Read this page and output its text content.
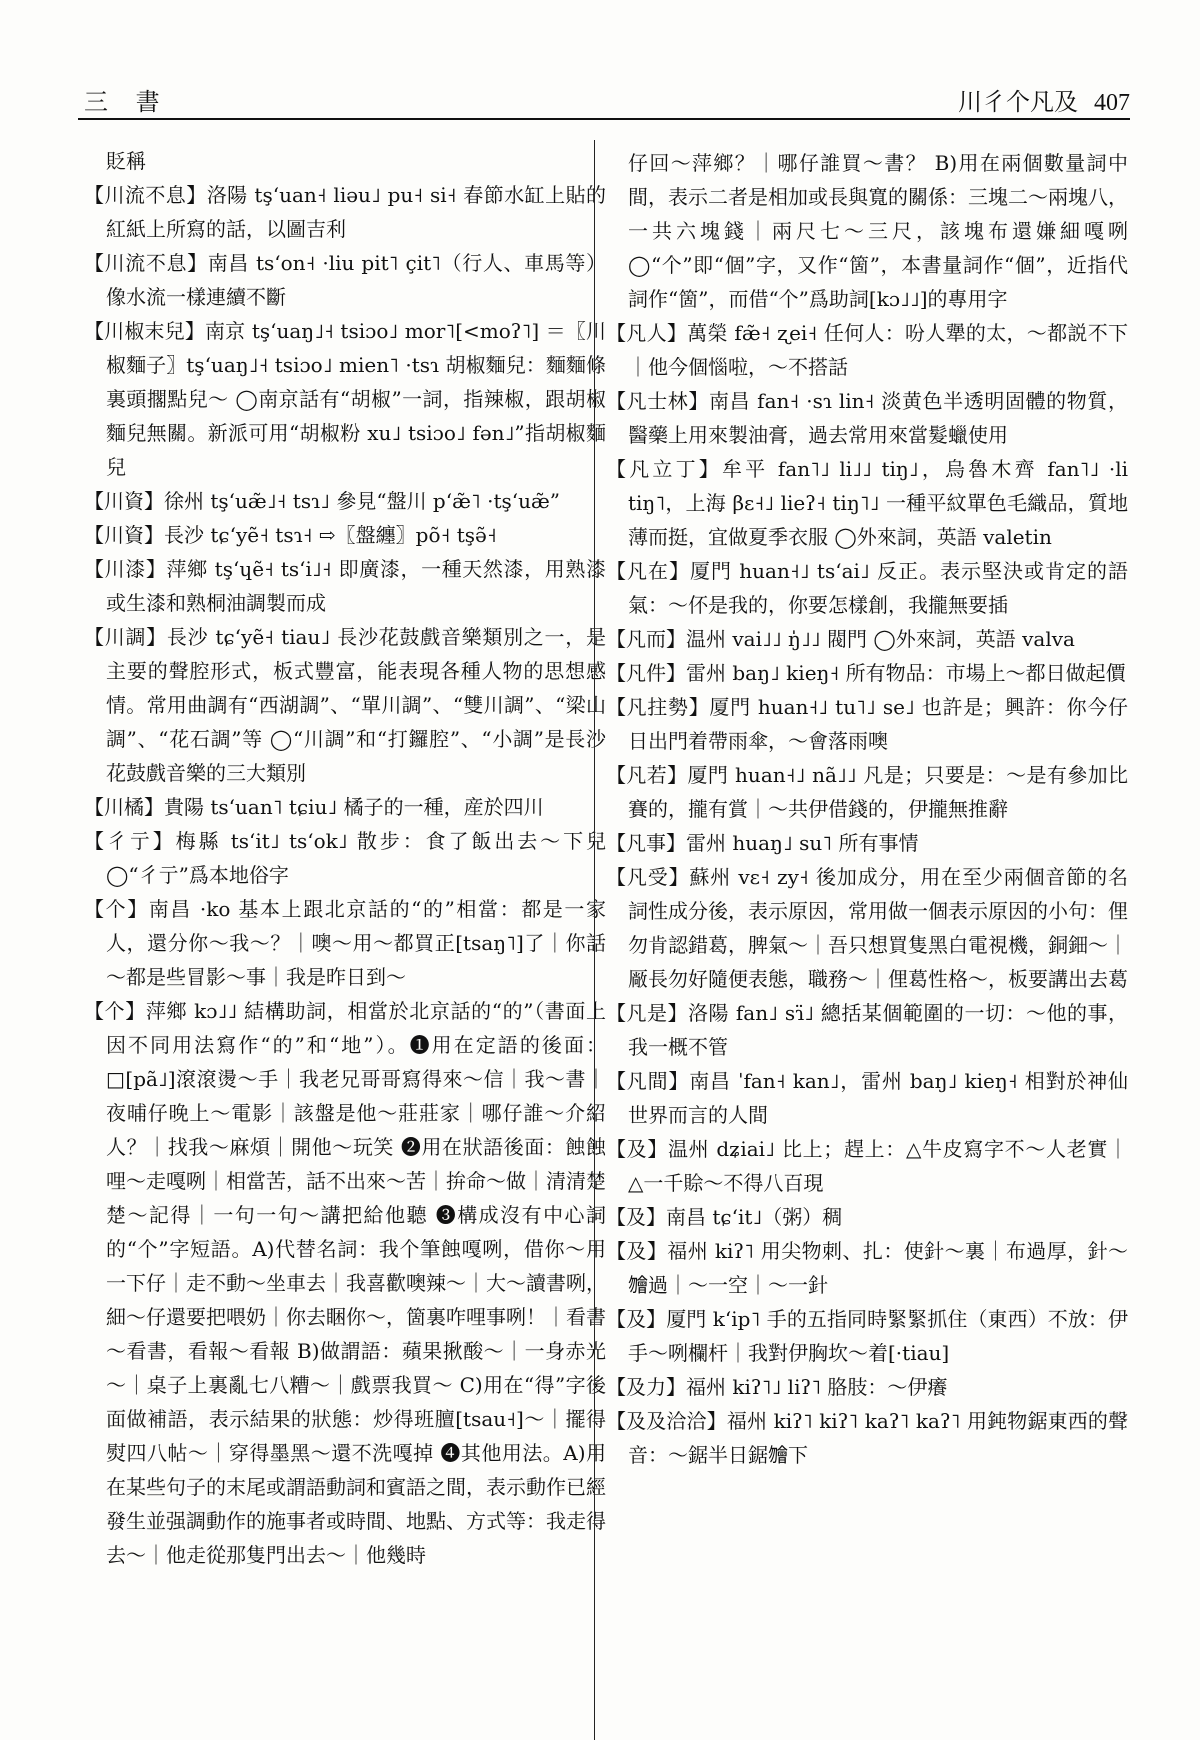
三 書	川彳个凡及 407

貶稱

【川流不息】洛陽 tşʻuan˧ liəu˩ pu˧ si˧ 春節水缸上貼的紅紙上所寫的話，以圖吉利

【川流不息】南昌 tsʻon˧ ·liu pit˥ çit˥（行人、車馬等）像水流一樣連續不斷

【川椒末兒】南京 tşʻuaŋ˩˧ tsiɔo˩ mor˥[<moʔ˥] ＝〖川椒麵子〗tşʻuaŋ˩˧ tsiɔo˩ mien˥ ·tsɿ 胡椒麵兒：麵麵條裏頭擱點兒～ ◯南京話有“胡椒”一詞，指辣椒，跟胡椒麵兒無關。新派可用“胡椒粉 xu˩ tsiɔo˩ fən˩”指胡椒麵兒

【川資】徐州 tşʻuæ̃˩˧ tsɿ˩ 參見“盤川 pʻæ̃˥ ·tşʻuæ̃”

【川資】長沙 tɕʻyẽ˧ tsɿ˧ ⇨〖盤纏〗põ˧ tşə̃˧

【川漆】萍鄉 tşʻɥẽ˧ tsʻi˩˧ 即廣漆，一種天然漆，用熟漆或生漆和熟桐油調製而成

【川調】長沙 tɕʻyẽ˧ tiau˩ 長沙花鼓戲音樂類別之一，是主要的聲腔形式，板式豐富，能表現各種人物的思想感情。常用曲調有“西湖調”、“單川調”、“雙川調”、“梁山調”、“花石調”等 ◯“川調”和“打鑼腔”、“小調”是長沙花鼓戲音樂的三大類別

【川橘】貴陽 tsʻuan˥ tɕiu˩ 橘子的一種，産於四川

【彳亍】梅縣 tsʻit˩ tsʻok˩ 散步：食了飯出去～下兒 ◯“彳亍”爲本地俗字

【个】南昌 ·ko 基本上跟北京話的“的”相當：都是一家人，還分你～我～？｜噢～用～都買正[tsaŋ˥]了｜你話～都是些冒影～事｜我是昨日到～

【个】萍鄉 kɔ˩˩ 結構助詞，相當於北京話的“的”（書面上因不同用法寫作“的”和“地”）。❶用在定語的後面：□[pã˩]滾滾燙～手｜我老兄哥哥寫得來～信｜我～書｜夜晡仔晚上～電影｜該盤是他～莊莊家｜哪仔誰～介紹人？｜找我～麻煩｜開他～玩笑 ❷用在狀語後面：蝕蝕哩～走嘎咧｜相當苦，話不出來～苦｜拚命～做｜清清楚楚～記得｜一句一句～講把給他聽 ❸構成沒有中心詞的“个”字短語。A)代替名詞：我个筆蝕嘎咧，借你～用一下仔｜走不動～坐車去｜我喜歡噢辣～｜大～讀書咧，細～仔還要把喂奶｜你去睏你～，箇裏咋哩事咧！｜看書～看書，看報～看報 B)做謂語：蘋果揪酸～｜一身赤光～｜桌子上裏亂七八糟～｜戲票我買～ C)用在“得”字後面做補語，表示結果的狀態：炒得班膻[tsau˧]～｜擺得熨四八帖～｜穿得墨黑～還不洗嘎掉 ❹其他用法。A)用在某些句子的末尾或謂語動詞和賓語之間，表示動作已經發生並强調動作的施事者或時間、地點、方式等：我走得去～｜他走從那隻門出去～｜他幾時

仔回～萍鄉？｜哪仔誰買～書？ B)用在兩個數量詞中間，表示二者是相加或長與寬的關係：三塊二～兩塊八，一共六塊錢｜兩尺七～三尺，該塊布還嫌細嘎咧 ◯“个”即“個”字，又作“箇”，本書量詞作“個”，近指代詞作“箇”，而借“个”爲助詞[kɔ˩˩]的專用字

【凡人】萬榮 fæ̃˧ ʐei˧ 任何人：吩人犟的太，～都説不下｜他今個惱啦，～不搭話

【凡士林】南昌 fan˧ ·sɿ lin˧ 淡黄色半透明固體的物質，醫藥上用來製油膏，過去常用來當髮蠟使用

【凡立丁】牟平 fan˥˩ li˩˩ tiŋ˩，烏魯木齊 fan˥˩ ·li tiŋ˥，上海 βɛ˧˩ lieʔ˧ tiŋ˥˩ 一種平紋單色毛織品，質地薄而挺，宜做夏季衣服 ◯外來詞，英語 valetin

【凡在】厦門 huan˧˩ tsʻai˩ 反正。表示堅決或肯定的語氣：～伓是我的，你要怎樣創，我攏無要插

【凡而】温州 vai˩˩ ŋ̍˩˩ 閥門 ◯外來詞，英語 valva

【凡件】雷州 baŋ˩ kieŋ˧ 所有物品：市場上～都日做起價

【凡拄勢】厦門 huan˧˩ tu˥˩ se˩ 也許是；興許：你今仔日出門着帶雨傘，～會落雨噢

【凡若】厦門 huan˧˩ nã˩˩ 凡是；只要是：～是有參加比賽的，攏有賞｜～共伊借錢的，伊攏無推辭

【凡事】雷州 huaŋ˩ su˥ 所有事情

【凡受】蘇州 vɛ˧ zy˧ 後加成分，用在至少兩個音節的名詞性成分後，表示原因，常用做一個表示原因的小句：俚勿肯認錯葛，脾氣～｜吾只想買隻黑白電視機，銅鈿～｜厰長勿好隨便表態，職務～｜俚葛性格～，板要講出去葛

【凡是】洛陽 fan˩ sɿ̈˩ 總括某個範圍的一切：～他的事，我一概不管

【凡間】南昌 ˈfan˧ kan˩，雷州 baŋ˩ kieŋ˧ 相對於神仙世界而言的人間

【及】温州 dʑiai˩ 比上；趕上：△牛皮寫字不～人老實｜△一千賒～不得八百現

【及】南昌 tɕʻit˩（粥）稠

【及】福州 kiʔ˥ 用尖物刺、扎：使針～裏｜布過厚，針～𣍐過｜～一空｜～一針

【及】厦門 kʻip˥ 手的五指同時緊緊抓住（東西）不放：伊手～咧欄杆｜我對伊胸坎～着[·tiau]

【及力】福州 kiʔ˥˩ liʔ˥ 胳肢：～伊癢

【及及洽洽】福州 kiʔ˥ kiʔ˥ kaʔ˥ kaʔ˥ 用鈍物鋸東西的聲音：～鋸半日鋸𣍐下
